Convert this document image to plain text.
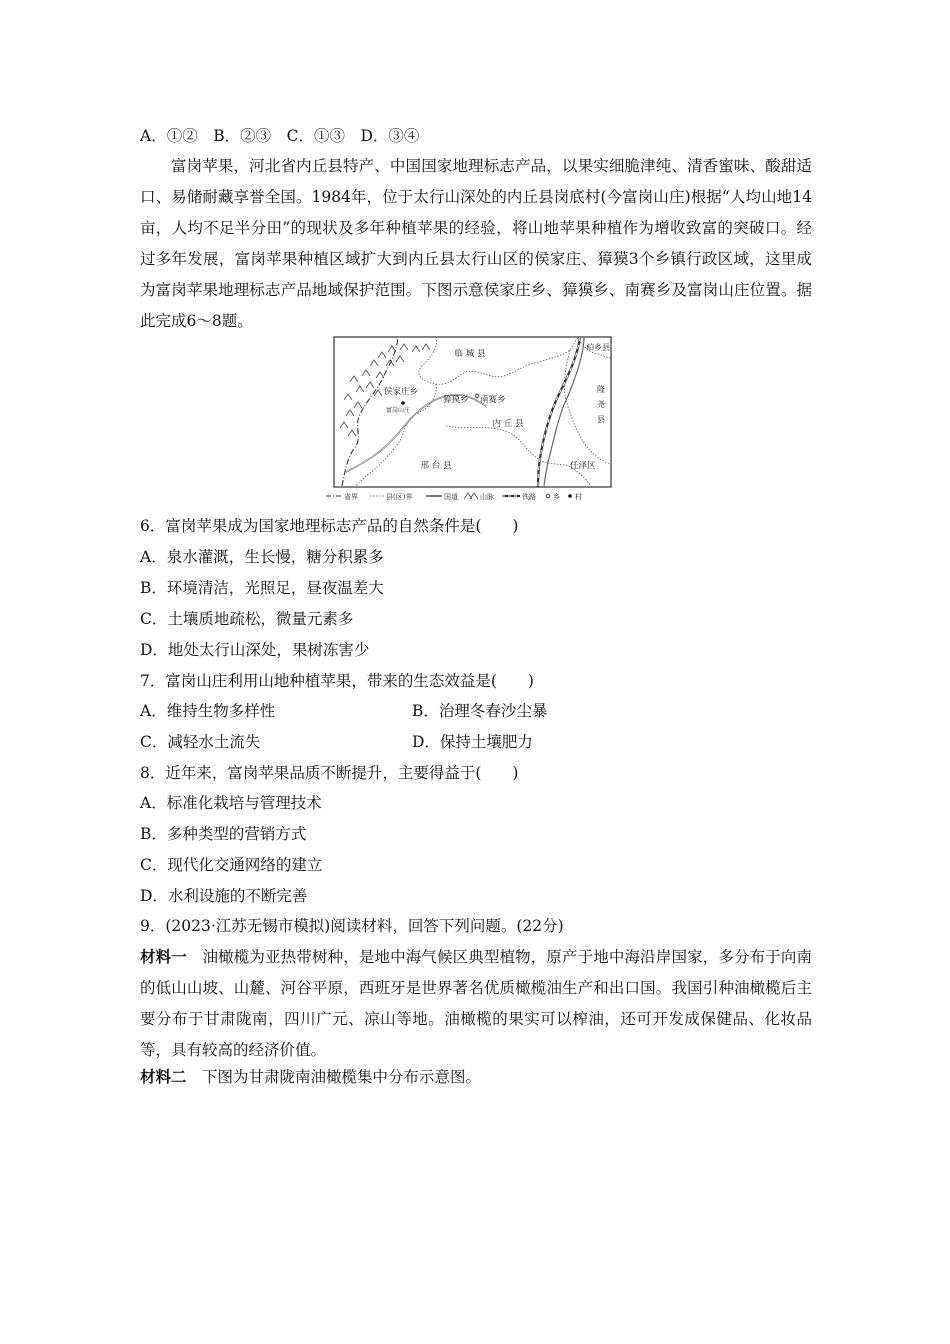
A．①②　B．②③　C．①③　D．③④
富岗苹果，河北省内丘县特产、中国国家地理标志产品，以果实细脆津纯、清香蜜味、酸甜适口、易储耐藏享誉全国。1984年，位于太行山深处的内丘县岗底村(今富岗山庄)根据“人均山地14亩，人均不足半分田”的现状及多年种植苹果的经验，将山地苹果种植作为增收致富的突破口。经过多年发展，富岗苹果种植区域扩大到内丘县太行山区的侯家庄、獐獏3个乡镇行政区域，这里成为富岗苹果地理标志产品地域保护范围。下图示意侯家庄乡、獐獏乡、南赛乡及富岗山庄位置。据此完成6～8题。
临 城 县
柏乡县
隆
尧
县
侯家庄乡
富岗山庄
獐獏乡 南赛乡
内 丘 县
邢 台 县	任泽区
省界	县(区)界	国道	山脉	铁路 乡 村
6．富岗苹果成为国家地理标志产品的自然条件是(　　)
A．泉水灌溉，生长慢，糖分积累多
B．环境清洁，光照足，昼夜温差大
C．土壤质地疏松，微量元素多
D．地处太行山深处，果树冻害少
7．富岗山庄利用山地种植苹果，带来的生态效益是(　　)
A．维持生物多样性	B．治理冬春沙尘暴
C．减轻水土流失	D．保持土壤肥力
8．近年来，富岗苹果品质不断提升，主要得益于(　　)
A．标准化栽培与管理技术
B．多种类型的营销方式
C．现代化交通网络的建立
D．水利设施的不断完善
9．(2023·江苏无锡市模拟)阅读材料，回答下列问题。(22分)
材料一　油橄榄为亚热带树种，是地中海气候区典型植物，原产于地中海沿岸国家，多分布于向南的低山山坡、山麓、河谷平原，西班牙是世界著名优质橄榄油生产和出口国。我国引种油橄榄后主要分布于甘肃陇南，四川广元、凉山等地。油橄榄的果实可以榨油，还可开发成保健品、化妆品等，具有较高的经济价值。
材料二　下图为甘肃陇南油橄榄集中分布示意图。
